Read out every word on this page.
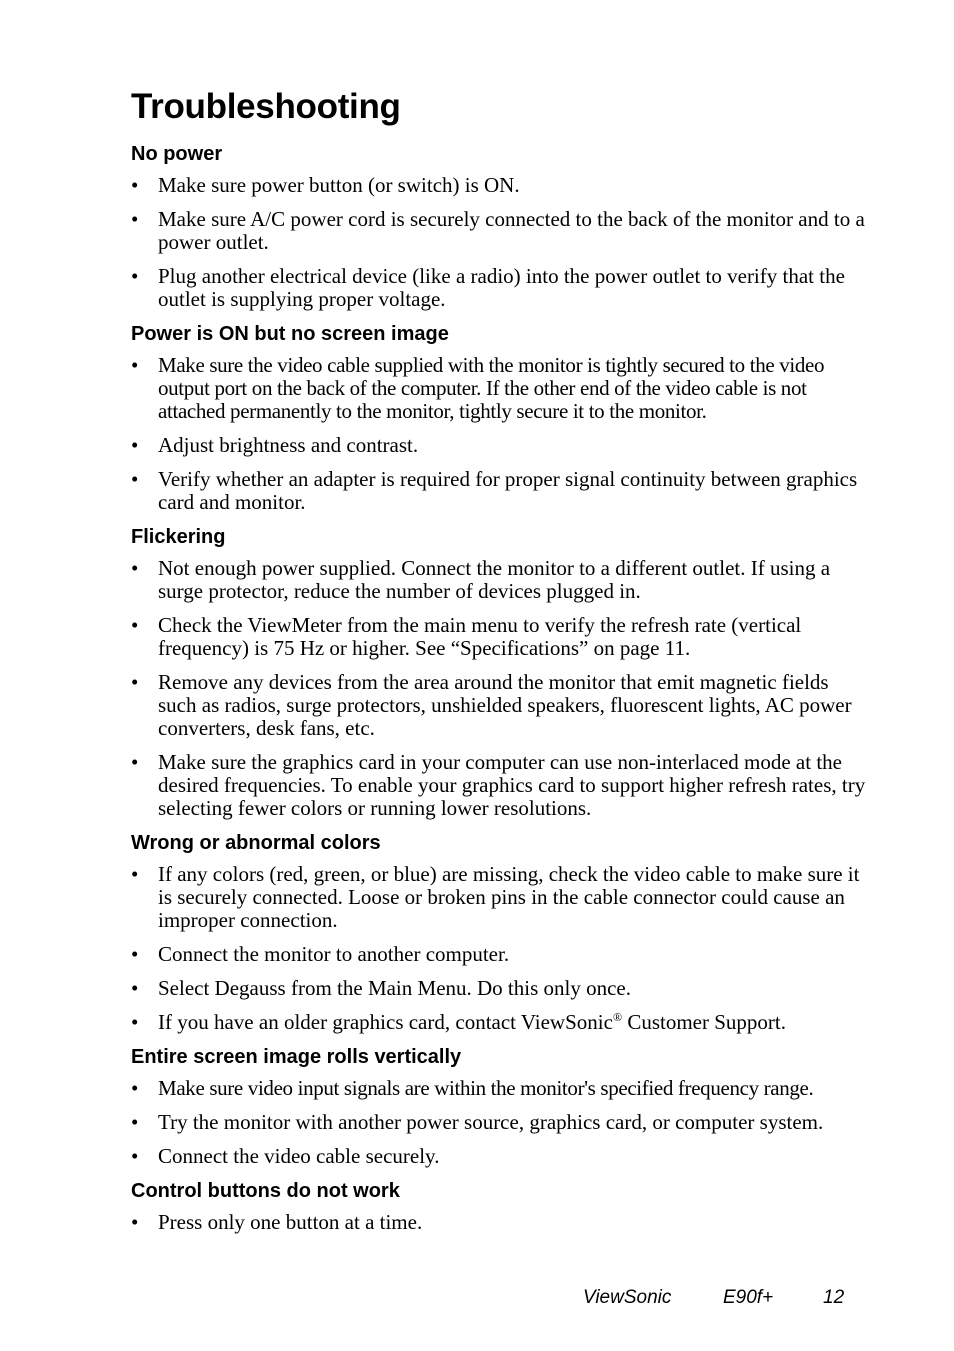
Troubleshooting
No power
• Make sure power button (or switch) is ON.
• Make sure A/C power cord is securely connected to the back of the monitor and to a power outlet.
• Plug another electrical device (like a radio) into the power outlet to verify that the outlet is supplying proper voltage.
Power is ON but no screen image
• Make sure the video cable supplied with the monitor is tightly secured to the video output port on the back of the computer. If the other end of the video cable is not attached permanently to the monitor, tightly secure it to the monitor.
• Adjust brightness and contrast.
• Verify whether an adapter is required for proper signal continuity between graphics card and monitor.
Flickering
• Not enough power supplied. Connect the monitor to a different outlet. If using a surge protector, reduce the number of devices plugged in.
• Check the ViewMeter from the main menu to verify the refresh rate (vertical frequency) is 75 Hz or higher. See “Specifications” on page 11.
• Remove any devices from the area around the monitor that emit magnetic fields such as radios, surge protectors, unshielded speakers, fluorescent lights, AC power converters, desk fans, etc.
• Make sure the graphics card in your computer can use non-interlaced mode at the desired frequencies. To enable your graphics card to support higher refresh rates, try selecting fewer colors or running lower resolutions.
Wrong or abnormal colors
• If any colors (red, green, or blue) are missing, check the video cable to make sure it is securely connected. Loose or broken pins in the cable connector could cause an improper connection.
• Connect the monitor to another computer.
• Select Degauss from the Main Menu. Do this only once.
• If you have an older graphics card, contact ViewSonic® Customer Support.
Entire screen image rolls vertically
• Make sure video input signals are within the monitor's specified frequency range.
• Try the monitor with another power source, graphics card, or computer system.
• Connect the video cable securely.
Control buttons do not work
• Press only one button at a time.
ViewSonic	E90f+	12
